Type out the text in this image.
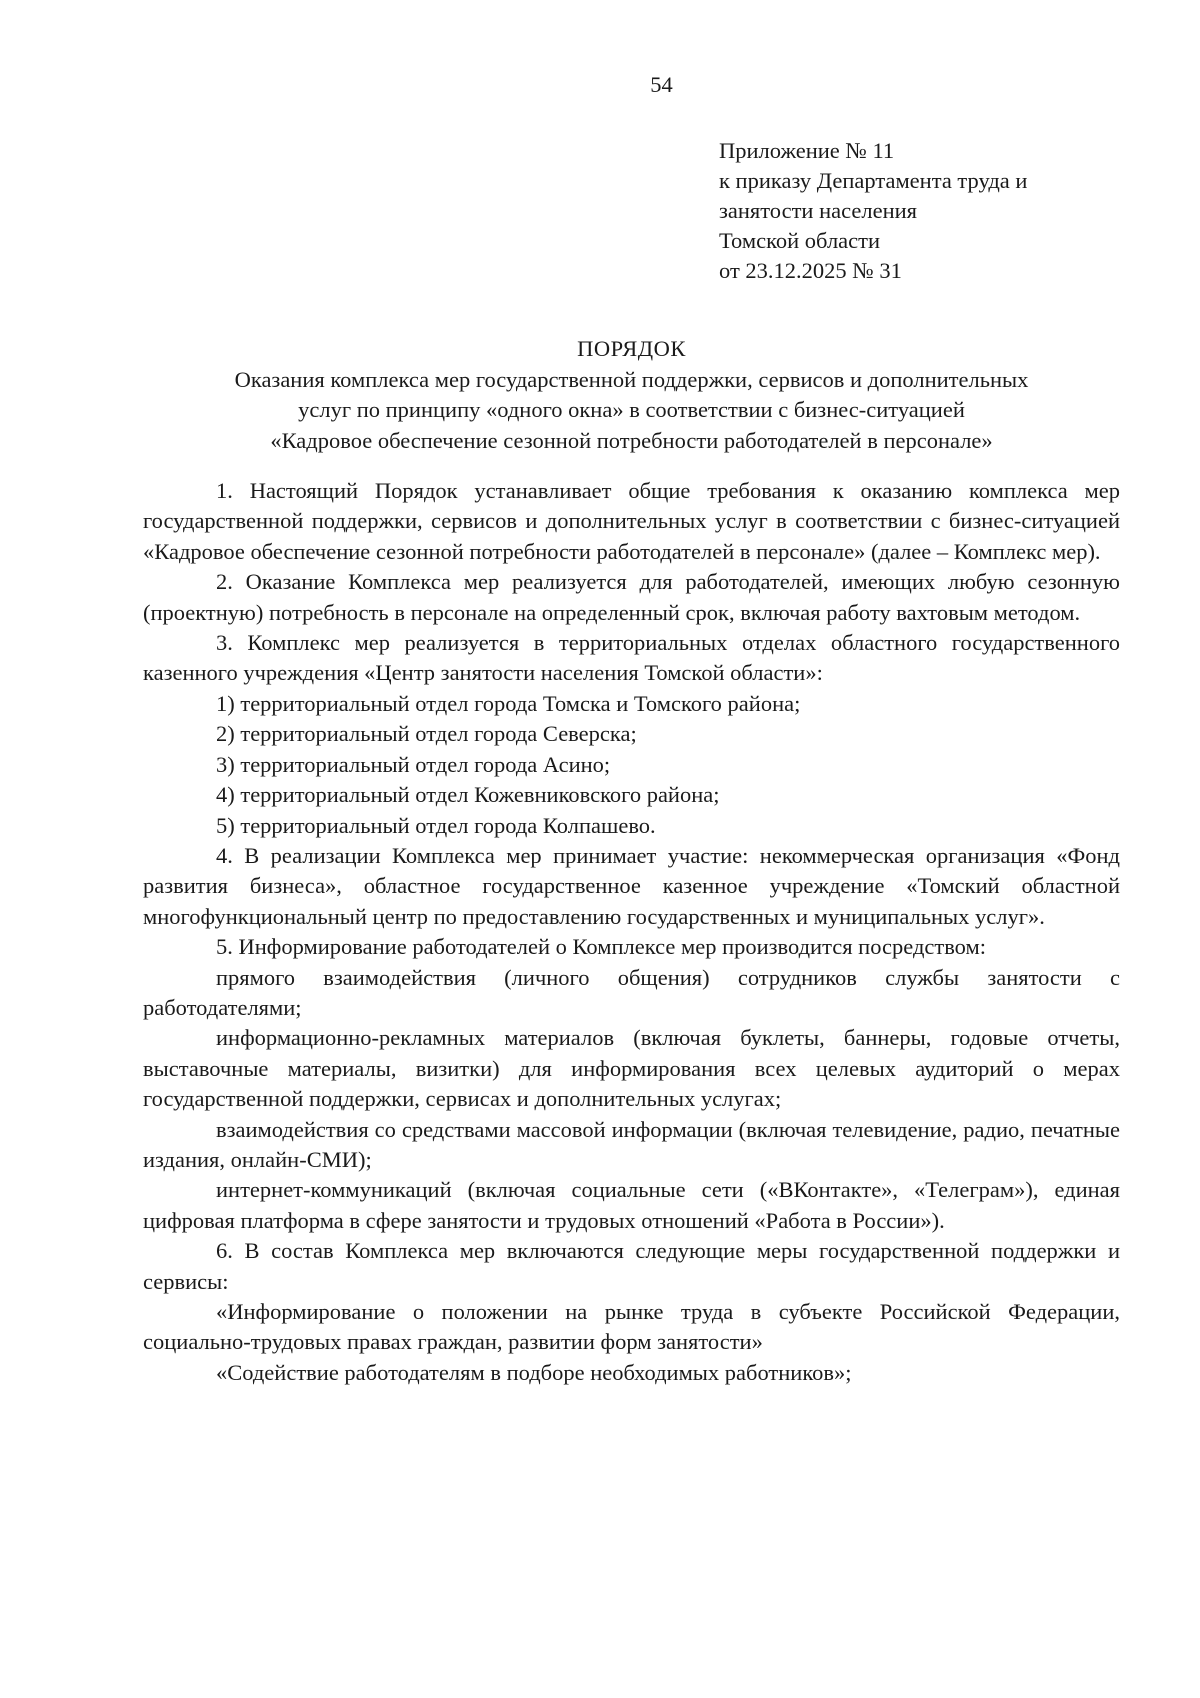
54
Приложение № 11
к приказу Департамента труда и
занятости населения
Томской области
от 23.12.2025 № 31
ПОРЯДОК
Оказания комплекса мер государственной поддержки, сервисов и дополнительных
услуг по принципу «одного окна» в соответствии с бизнес-ситуацией
«Кадровое обеспечение сезонной потребности работодателей в персонале»

1. Настоящий Порядок устанавливает общие требования к оказанию комплекса мер государственной поддержки, сервисов и дополнительных услуг в соответствии с бизнес-ситуацией «Кадровое обеспечение сезонной потребности работодателей в персонале» (далее – Комплекс мер).

2. Оказание Комплекса мер реализуется для работодателей, имеющих любую сезонную (проектную) потребность в персонале на определенный срок, включая работу вахтовым методом.

3. Комплекс мер реализуется в территориальных отделах областного государственного казенного учреждения «Центр занятости населения Томской области»:

1) территориальный отдел города Томска и Томского района;

2) территориальный отдел города Северска;

3) территориальный отдел города Асино;

4) территориальный отдел Кожевниковского района;

5) территориальный отдел города Колпашево.

4. В реализации Комплекса мер принимает участие: некоммерческая организация «Фонд развития бизнеса», областное государственное казенное учреждение «Томский областной многофункциональный центр по предоставлению государственных и муниципальных услуг».

5. Информирование работодателей о Комплексе мер производится посредством:

прямого взаимодействия (личного общения) сотрудников службы занятости с работодателями;

информационно-рекламных материалов (включая буклеты, баннеры, годовые отчеты, выставочные материалы, визитки) для информирования всех целевых аудиторий о мерах государственной поддержки, сервисах и дополнительных услугах;

взаимодействия со средствами массовой информации (включая телевидение, радио, печатные издания, онлайн-СМИ);

интернет-коммуникаций (включая социальные сети («ВКонтакте», «Телеграм»), единая цифровая платформа в сфере занятости и трудовых отношений «Работа в России»).

6. В состав Комплекса мер включаются следующие меры государственной поддержки и сервисы:

«Информирование о положении на рынке труда в субъекте Российской Федерации, социально-трудовых правах граждан, развитии форм занятости»

«Содействие работодателям в подборе необходимых работников»;
